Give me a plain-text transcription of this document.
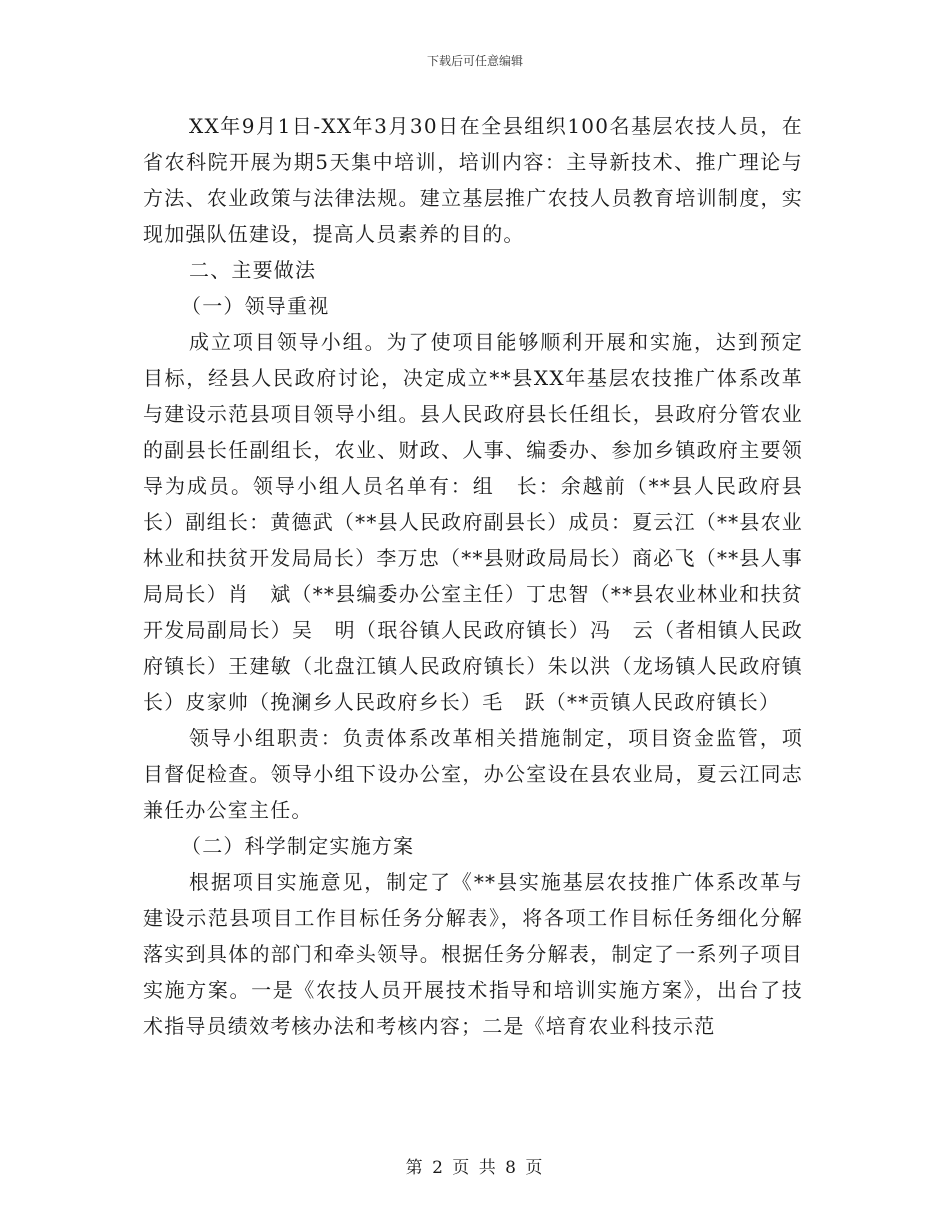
下载后可任意编辑

XX年9月1日-XX年3月30日在全县组织100名基层农技人员，在省农科院开展为期5天集中培训，培训内容：主导新技术、推广理论与方法、农业政策与法律法规。建立基层推广农技人员教育培训制度，实现加强队伍建设，提高人员素养的目的。

二、主要做法

（一）领导重视

成立项目领导小组。为了使项目能够顺利开展和实施，达到预定目标，经县人民政府讨论，决定成立**县XX年基层农技推广体系改革与建设示范县项目领导小组。县人民政府县长任组长，县政府分管农业的副县长任副组长，农业、财政、人事、编委办、参加乡镇政府主要领导为成员。领导小组人员名单有：组　长：余越前（**县人民政府县长）副组长：黄德武（**县人民政府副县长）成员：夏云江（**县农业林业和扶贫开发局局长）李万忠（**县财政局局长）商必飞（**县人事局局长）肖　斌（**县编委办公室主任）丁忠智（**县农业林业和扶贫开发局副局长）吴　明（珉谷镇人民政府镇长）冯　云（者相镇人民政府镇长）王建敏（北盘江镇人民政府镇长）朱以洪（龙场镇人民政府镇长）皮家帅（挽澜乡人民政府乡长）毛　跃（**贡镇人民政府镇长）

领导小组职责：负责体系改革相关措施制定，项目资金监管，项目督促检查。领导小组下设办公室，办公室设在县农业局，夏云江同志兼任办公室主任。

（二）科学制定实施方案

根据项目实施意见，制定了《**县实施基层农技推广体系改革与建设示范县项目工作目标任务分解表》，将各项工作目标任务细化分解落实到具体的部门和牵头领导。根据任务分解表，制定了一系列子项目实施方案。一是《农技人员开展技术指导和培训实施方案》，出台了技术指导员绩效考核办法和考核内容；二是《培育农业科技示范

第 2 页 共 8 页
